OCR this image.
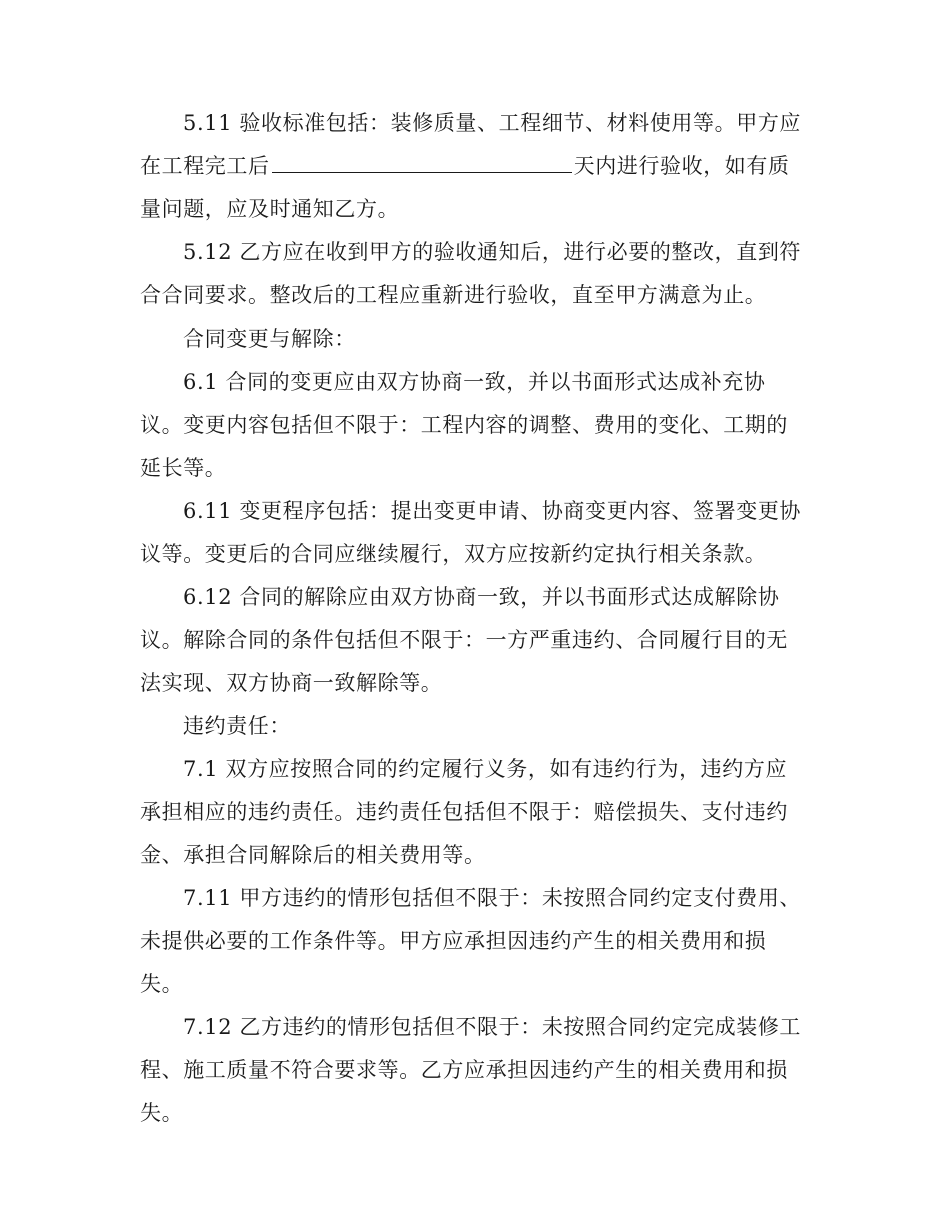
5.11 验收标准包括：装修质量、工程细节、材料使用等。甲方应
在工程完工后	天内进行验收，如有质
量问题，应及时通知乙方。
5.12 乙方应在收到甲方的验收通知后，进行必要的整改，直到符
合合同要求。整改后的工程应重新进行验收，直至甲方满意为止。
合同变更与解除：
6.1 合同的变更应由双方协商一致，并以书面形式达成补充协
议。变更内容包括但不限于：工程内容的调整、费用的变化、工期的
延长等。
6.11 变更程序包括：提出变更申请、协商变更内容、签署变更协
议等。变更后的合同应继续履行，双方应按新约定执行相关条款。
6.12 合同的解除应由双方协商一致，并以书面形式达成解除协
议。解除合同的条件包括但不限于：一方严重违约、合同履行目的无
法实现、双方协商一致解除等。
违约责任：
7.1 双方应按照合同的约定履行义务，如有违约行为，违约方应
承担相应的违约责任。违约责任包括但不限于：赔偿损失、支付违约
金、承担合同解除后的相关费用等。
7.11 甲方违约的情形包括但不限于：未按照合同约定支付费用、
未提供必要的工作条件等。甲方应承担因违约产生的相关费用和损
失。
7.12 乙方违约的情形包括但不限于：未按照合同约定完成装修工
程、施工质量不符合要求等。乙方应承担因违约产生的相关费用和损
失。
